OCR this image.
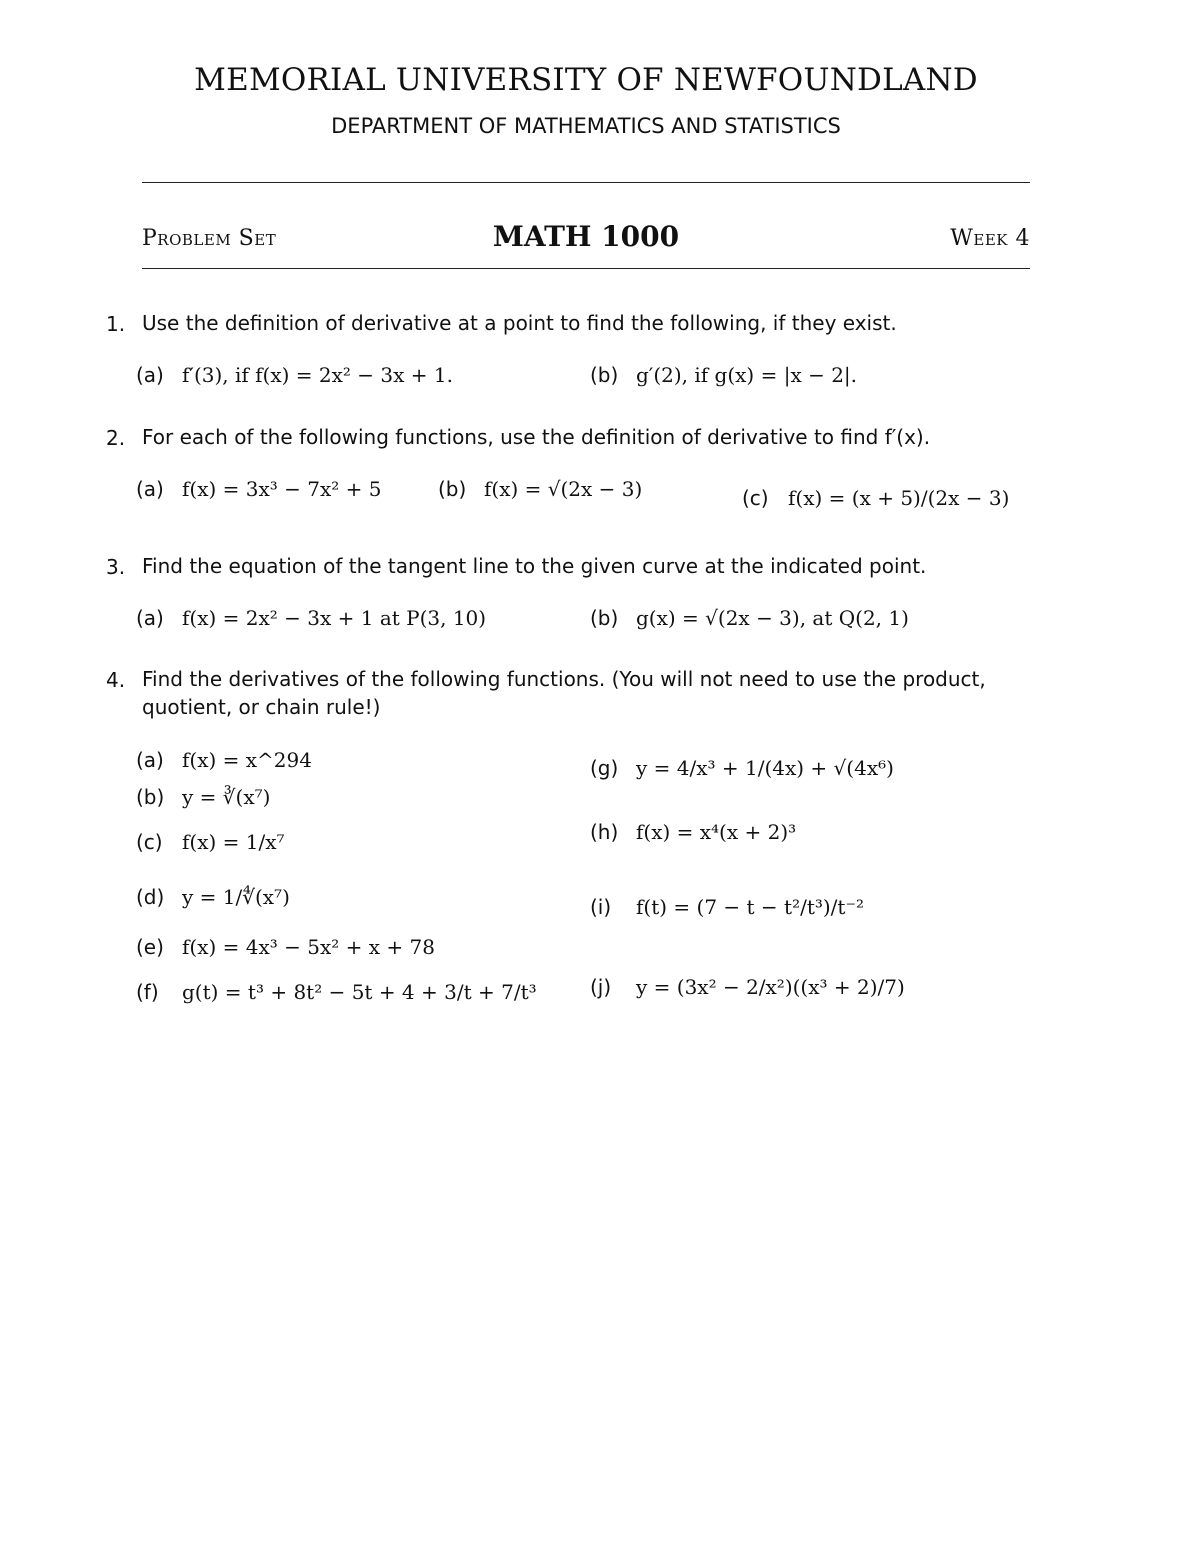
MEMORIAL UNIVERSITY OF NEWFOUNDLAND
DEPARTMENT OF MATHEMATICS AND STATISTICS
Problem Set	MATH 1000	Week 4
1. Use the definition of derivative at a point to find the following, if they exist.
(a) f′(3), if f(x) = 2x² − 3x + 1.	(b) g′(2), if g(x) = |x − 2|.
2. For each of the following functions, use the definition of derivative to find f′(x).
(a) f(x) = 3x³ − 7x² + 5	(b) f(x) = √(2x − 3)	(c) f(x) = (x + 5)/(2x − 3)
3. Find the equation of the tangent line to the given curve at the indicated point.
(a) f(x) = 2x² − 3x + 1 at P(3, 10)	(b) g(x) = √(2x − 3), at Q(2, 1)
4. Find the derivatives of the following functions. (You will not need to use the product, quotient, or chain rule!)
(a) f(x) = x^294
(b) y = ∛(x⁷)
(c) f(x) = 1/x⁷
(d) y = 1/∜(x⁷)
(e) f(x) = 4x³ − 5x² + x + 78
(f)	g(t) = t³ + 8t² − 5t + 4 + 3/t + 7/t³
(g) y = 4/x³ + 1/(4x) + √(4x⁶)
(h) f(x) = x⁴(x + 2)³
(i)	f(t) = (7 − t − t²/t³)/t⁻²
(j)	y = (3x² − 2/x²)((x³ + 2)/7)
